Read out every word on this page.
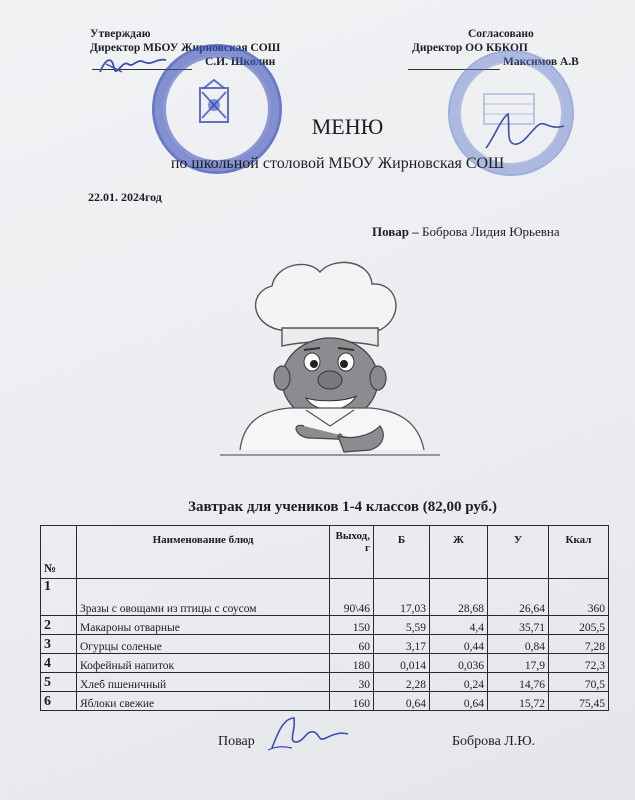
Утверждаю
Директор МБОУ Жирновская СОШ
С.И. Школин
Согласовано
Директор ОО КБКОП
Максимов А.В
МЕНЮ
по школьной столовой МБОУ Жирновская СОШ
22.01. 2024год
Повар – Боброва Лидия Юрьевна
Завтрак для учеников 1-4 классов (82,00 руб.)
№	Наименование блюд	Выход, г	Б	Ж	У	Ккал
1	Зразы с овощами из птицы с соусом	90\46	17,03	28,68	26,64	360
2	Макароны отварные	150	5,59	4,4	35,71	205,5
3	Огурцы соленые	60	3,17	0,44	0,84	7,28
4	Кофейный напиток	180	0,014	0,036	17,9	72,3
5	Хлеб пшеничный	30	2,28	0,24	14,76	70,5
6	Яблоки свежие	160	0,64	0,64	15,72	75,45
Повар	Боброва Л.Ю.
